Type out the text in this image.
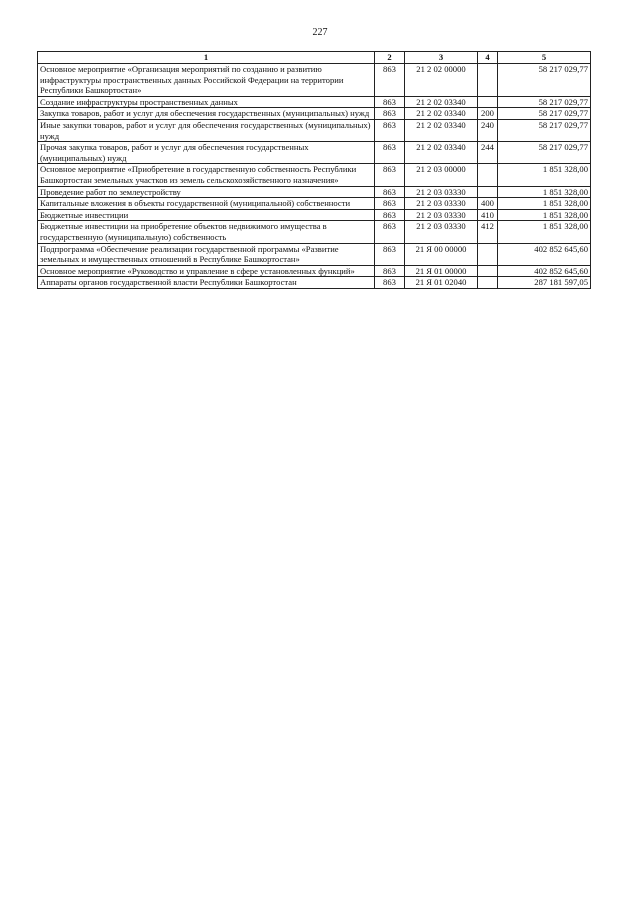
227
1	2	3	4	5
Основное мероприятие «Организация мероприятий по созданию и развитию инфраструктуры пространственных данных Российской Федерации на территории Республики Башкортостан»	863	21 2 02 00000		58 217 029,77
Создание инфраструктуры пространственных данных	863	21 2 02 03340		58 217 029,77
Закупка товаров, работ и услуг для обеспечения государственных (муниципальных) нужд	863	21 2 02 03340	200	58 217 029,77
Иные закупки товаров, работ и услуг для обеспечения государственных (муниципальных) нужд	863	21 2 02 03340	240	58 217 029,77
Прочая закупка товаров, работ и услуг для обеспечения государственных (муниципальных) нужд	863	21 2 02 03340	244	58 217 029,77
Основное мероприятие «Приобретение в государственную собственность Республики Башкортостан земельных участков из земель сельскохозяйственного назначения»	863	21 2 03 00000		1 851 328,00
Проведение работ по землеустройству	863	21 2 03 03330		1 851 328,00
Капитальные вложения в объекты государственной (муниципальной) собственности	863	21 2 03 03330	400	1 851 328,00
Бюджетные инвестиции	863	21 2 03 03330	410	1 851 328,00
Бюджетные инвестиции на приобретение объектов недвижимого имущества в государственную (муниципальную) собственность	863	21 2 03 03330	412	1 851 328,00
Подпрограмма «Обеспечение реализации государственной программы «Развитие земельных и имущественных отношений в Республике Башкортостан»	863	21 Я 00 00000		402 852 645,60
Основное мероприятие «Руководство и управление в сфере установленных функций»	863	21 Я 01 00000		402 852 645,60
Аппараты органов государственной власти Республики Башкортостан	863	21 Я 01 02040		287 181 597,05
